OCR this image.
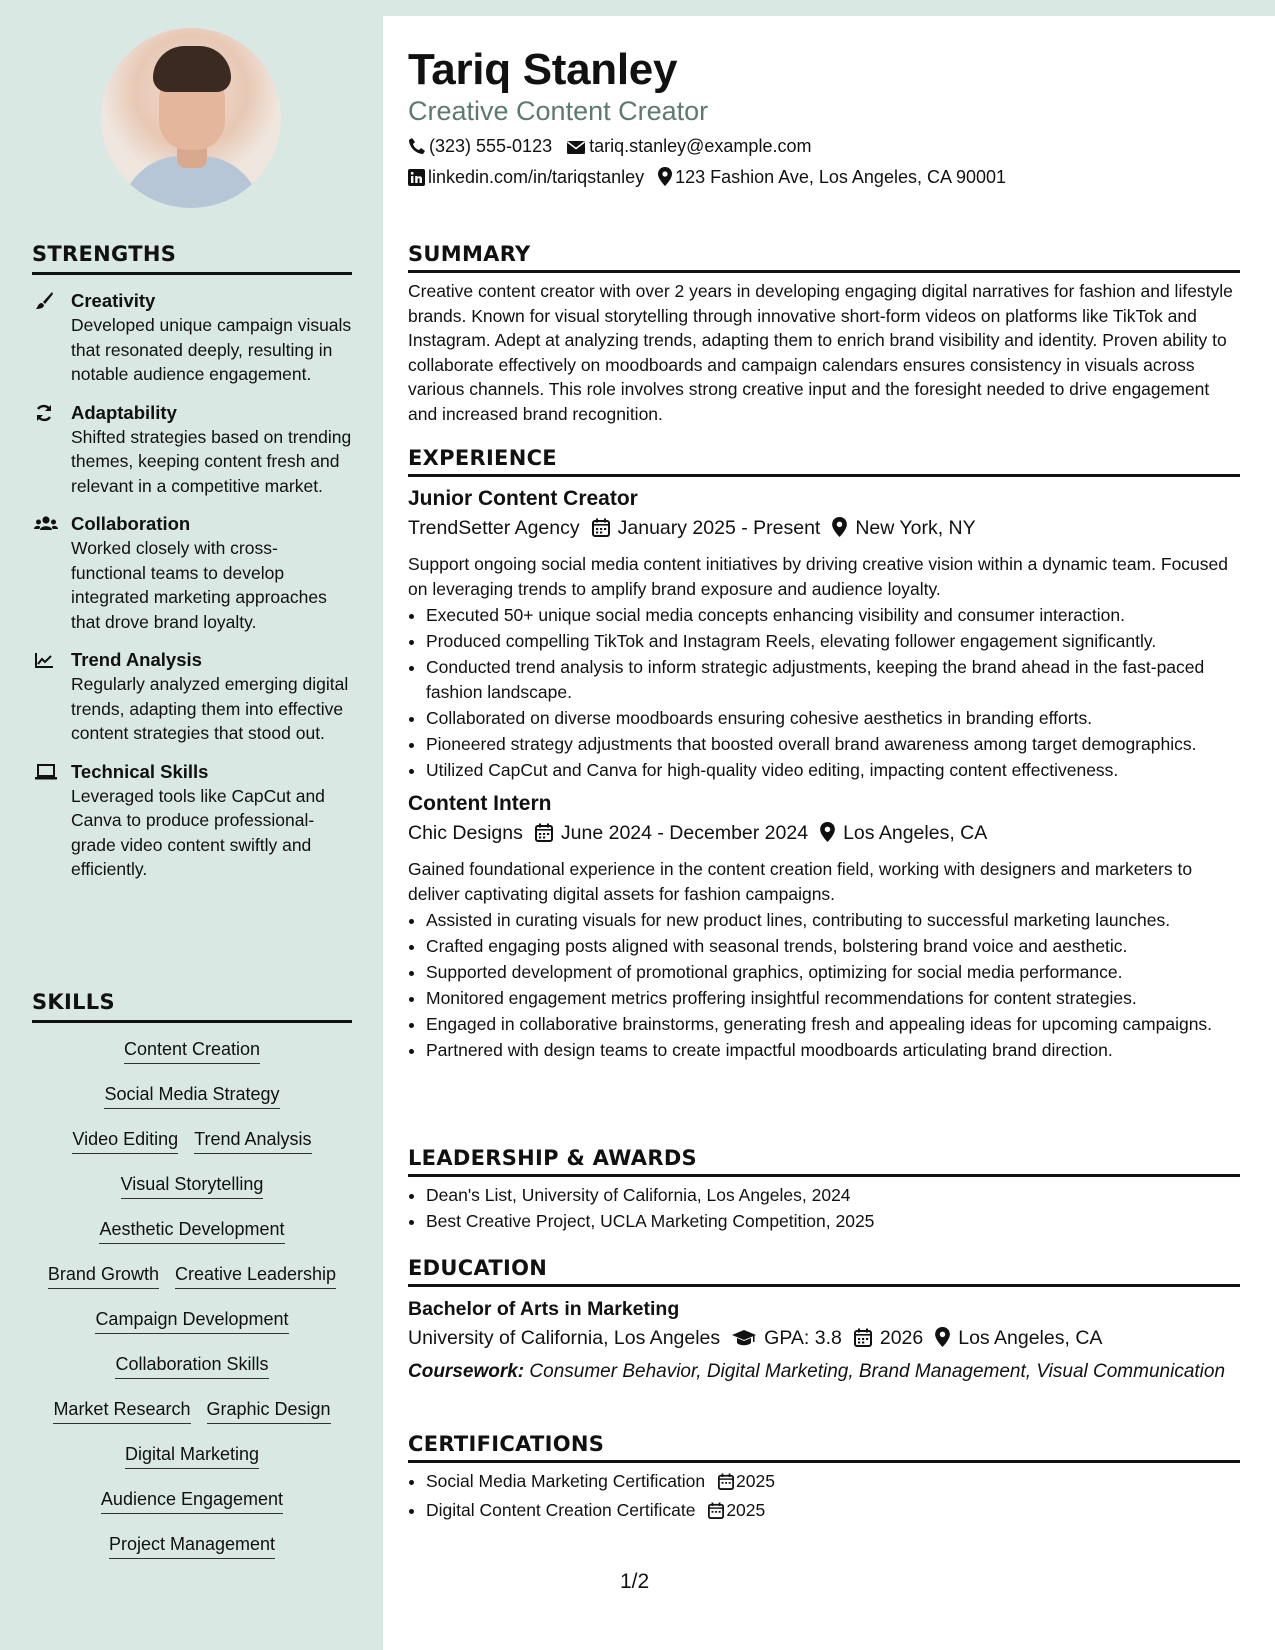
STRENGTHS
Creativity
Developed unique campaign visuals that resonated deeply, resulting in notable audience engagement.
Adaptability
Shifted strategies based on trending themes, keeping content fresh and relevant in a competitive market.
Collaboration
Worked closely with cross-functional teams to develop integrated marketing approaches that drove brand loyalty.
Trend Analysis
Regularly analyzed emerging digital trends, adapting them into effective content strategies that stood out.
Technical Skills
Leveraged tools like CapCut and Canva to produce professional-grade video content swiftly and efficiently.
SKILLS
Content Creation
Social Media Strategy
Video Editing Trend Analysis
Visual Storytelling
Aesthetic Development
Brand Growth Creative Leadership
Campaign Development
Collaboration Skills
Market Research Graphic Design
Digital Marketing
Audience Engagement
Project Management
Tariq Stanley
Creative Content Creator
(323) 555-0123 tariq.stanley@example.com
linkedin.com/in/tariqstanley 123 Fashion Ave, Los Angeles, CA 90001
SUMMARY

Creative content creator with over 2 years in developing engaging digital narratives for fashion and lifestyle brands. Known for visual storytelling through innovative short-form videos on platforms like TikTok and Instagram. Adept at analyzing trends, adapting them to enrich brand visibility and identity. Proven ability to collaborate effectively on moodboards and campaign calendars ensures consistency in visuals across various channels. This role involves strong creative input and the foresight needed to drive engagement and increased brand recognition.

EXPERIENCE
Junior Content Creator
TrendSetter Agency January 2025 - Present New York, NY

Support ongoing social media content initiatives by driving creative vision within a dynamic team. Focused on leveraging trends to amplify brand exposure and audience loyalty.

• Executed 50+ unique social media concepts enhancing visibility and consumer interaction.
• Produced compelling TikTok and Instagram Reels, elevating follower engagement significantly.
• Conducted trend analysis to inform strategic adjustments, keeping the brand ahead in the fast-paced fashion landscape.
• Collaborated on diverse moodboards ensuring cohesive aesthetics in branding efforts.
• Pioneered strategy adjustments that boosted overall brand awareness among target demographics.
• Utilized CapCut and Canva for high-quality video editing, impacting content effectiveness.
Content Intern
Chic Designs June 2024 - December 2024 Los Angeles, CA

Gained foundational experience in the content creation field, working with designers and marketers to deliver captivating digital assets for fashion campaigns.

• Assisted in curating visuals for new product lines, contributing to successful marketing launches.
• Crafted engaging posts aligned with seasonal trends, bolstering brand voice and aesthetic.
• Supported development of promotional graphics, optimizing for social media performance.
• Monitored engagement metrics proffering insightful recommendations for content strategies.
• Engaged in collaborative brainstorms, generating fresh and appealing ideas for upcoming campaigns.
• Partnered with design teams to create impactful moodboards articulating brand direction.
LEADERSHIP & AWARDS
• Dean's List, University of California, Los Angeles, 2024
• Best Creative Project, UCLA Marketing Competition, 2025
EDUCATION
Bachelor of Arts in Marketing
University of California, Los Angeles GPA: 3.8 2026 Los Angeles, CA
Coursework: Consumer Behavior, Digital Marketing, Brand Management, Visual Communication
CERTIFICATIONS
• Social Media Marketing Certification 2025
• Digital Content Creation Certificate 2025
1/2
